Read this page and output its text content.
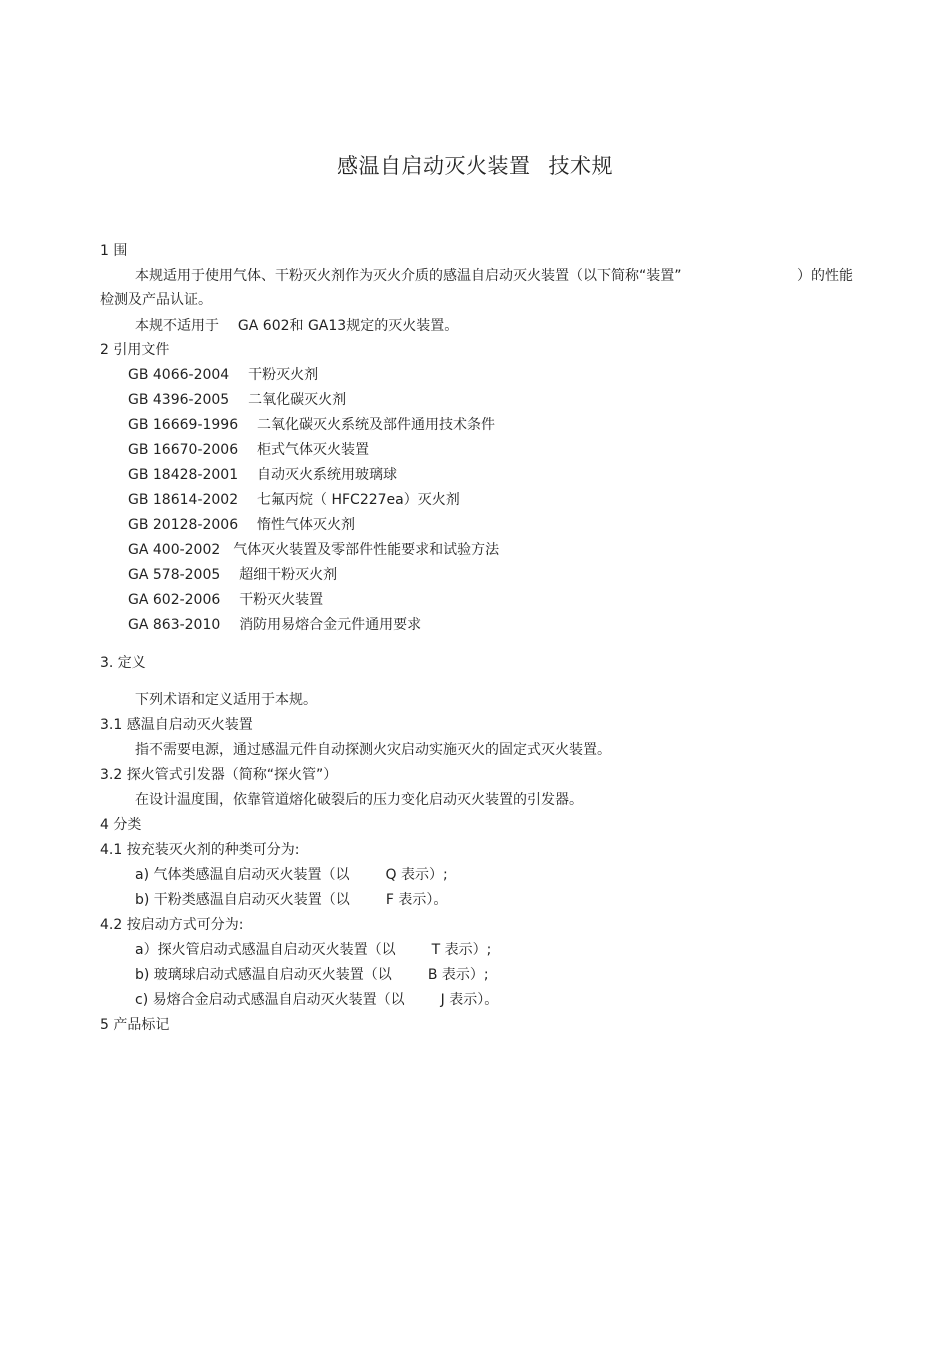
感温自启动灭火装置 技术规
1 围
本规适用于使用气体、干粉灭火剂作为灭火介质的感温自启动灭火装置（以下简称“装置”	）的性能
检测及产品认证。
本规不适用于 GA 602和 GA13规定的灭火装置。
2 引用文件
GB 4066-2004 干粉灭火剂
GB 4396-2005 二氧化碳灭火剂
GB 16669-1996 二氧化碳灭火系统及部件通用技术条件
GB 16670-2006 柜式气体灭火装置
GB 18428-2001 自动灭火系统用玻璃球
GB 18614-2002 七氟丙烷（ HFC227ea）灭火剂
GB 20128-2006 惰性气体灭火剂
GA 400-2002 气体灭火装置及零部件性能要求和试验方法
GA 578-2005 超细干粉灭火剂
GA 602-2006 干粉灭火装置
GA 863-2010 消防用易熔合金元件通用要求
3. 定义
下列术语和定义适用于本规。
3.1 感温自启动灭火装置
指不需要电源，通过感温元件自动探测火灾启动实施灭火的固定式灭火装置。
3.2 探火管式引发器（简称“探火管”）
在设计温度围，依靠管道熔化破裂后的压力变化启动灭火装置的引发器。
4 分类
4.1 按充装灭火剂的种类可分为:
a) 气体类感温自启动灭火装置（以	Q 表示）;
b) 干粉类感温自启动灭火装置（以	F 表示）。
4.2 按启动方式可分为:
a）探火管启动式感温自启动灭火装置（以	T 表示）;
b) 玻璃球启动式感温自启动灭火装置（以	B 表示）;
c) 易熔合金启动式感温自启动灭火装置（以	J 表示）。
5 产品标记
